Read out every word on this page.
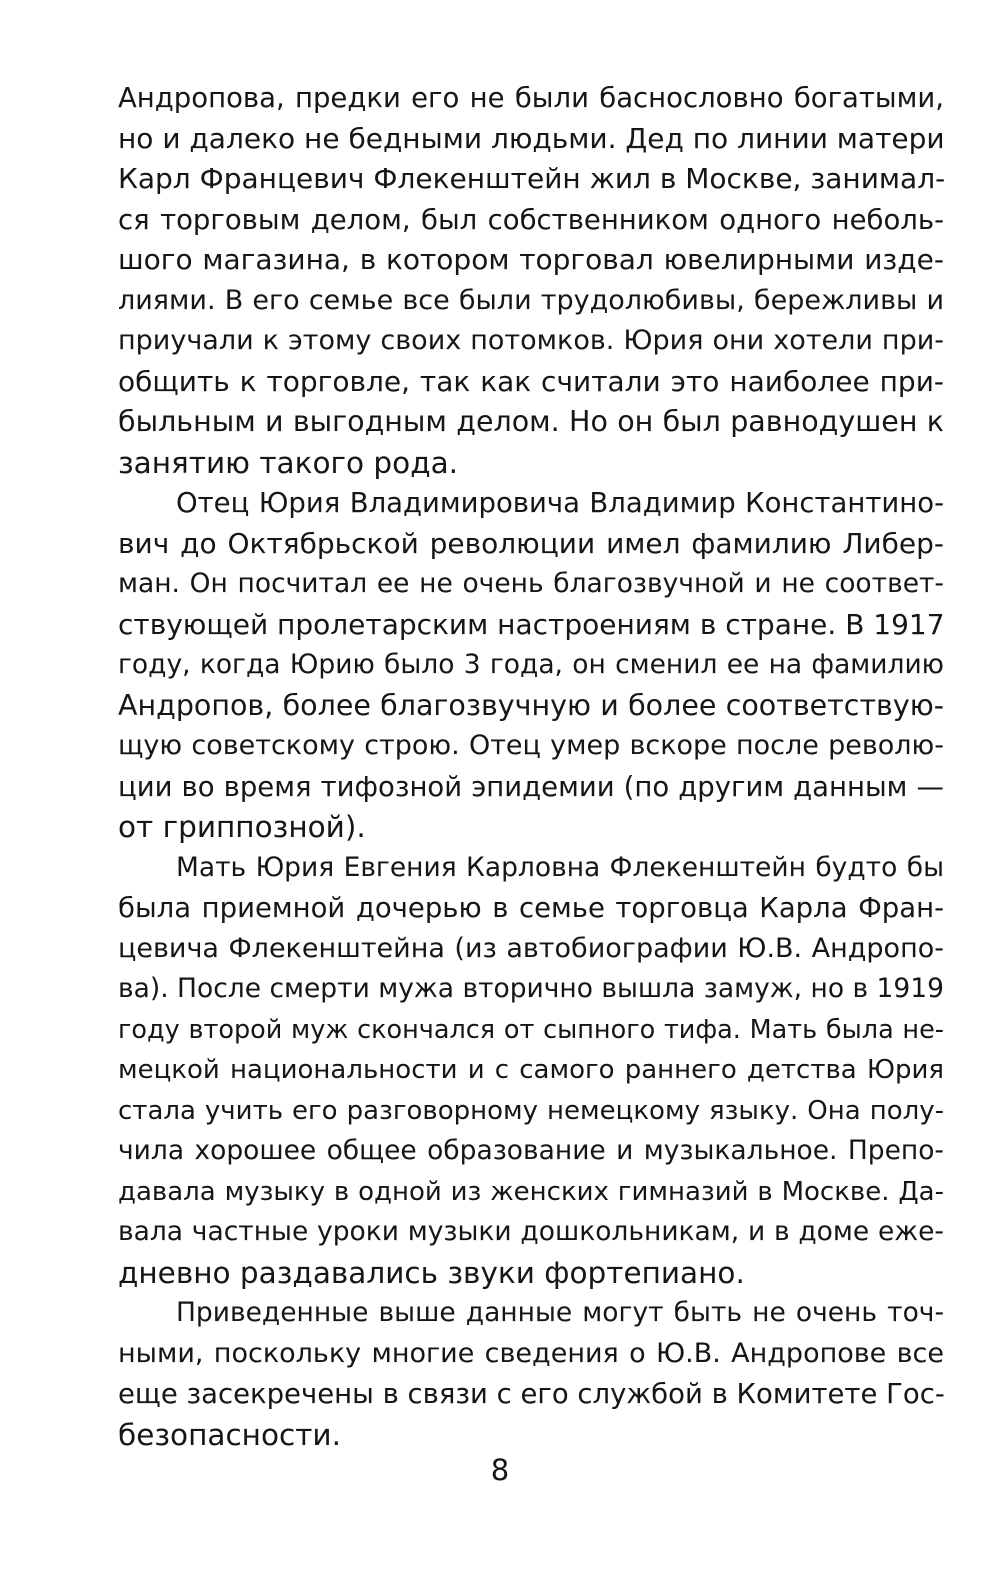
Андропова, предки его не были баснословно богатыми,
но и далеко не бедными людьми. Дед по линии матери
Карл Францевич Флекенштейн жил в Москве, занимал-
ся торговым делом, был собственником одного неболь-
шого магазина, в котором торговал ювелирными изде-
лиями. В его семье все были трудолюбивы, бережливы и
приучали к этому своих потомков. Юрия они хотели при-
общить к торговле, так как считали это наиболее при-
быльным и выгодным делом. Но он был равнодушен к
занятию такого рода.

Отец Юрия Владимировича Владимир Константино-
вич до Октябрьской революции имел фамилию Либер-
ман. Он посчитал ее не очень благозвучной и не соответ-
ствующей пролетарским настроениям в стране. В 1917
году, когда Юрию было 3 года, он сменил ее на фамилию
Андропов, более благозвучную и более соответствую-
щую советскому строю. Отец умер вскоре после револю-
ции во время тифозной эпидемии (по другим данным —
от гриппозной).

Мать Юрия Евгения Карловна Флекенштейн будто бы
была приемной дочерью в семье торговца Карла Фран-
цевича Флекенштейна (из автобиографии Ю.В. Андропо-
ва). После смерти мужа вторично вышла замуж, но в 1919
году второй муж скончался от сыпного тифа. Мать была не-
мецкой национальности и с самого раннего детства Юрия
стала учить его разговорному немецкому языку. Она полу-
чила хорошее общее образование и музыкальное. Препо-
давала музыку в одной из женских гимназий в Москве. Да-
вала частные уроки музыки дошкольникам, и в доме еже-
дневно раздавались звуки фортепиано.

Приведенные выше данные могут быть не очень точ-
ными, поскольку многие сведения о Ю.В. Андропове все
еще засекречены в связи с его службой в Комитете Гос-
безопасности.

8
